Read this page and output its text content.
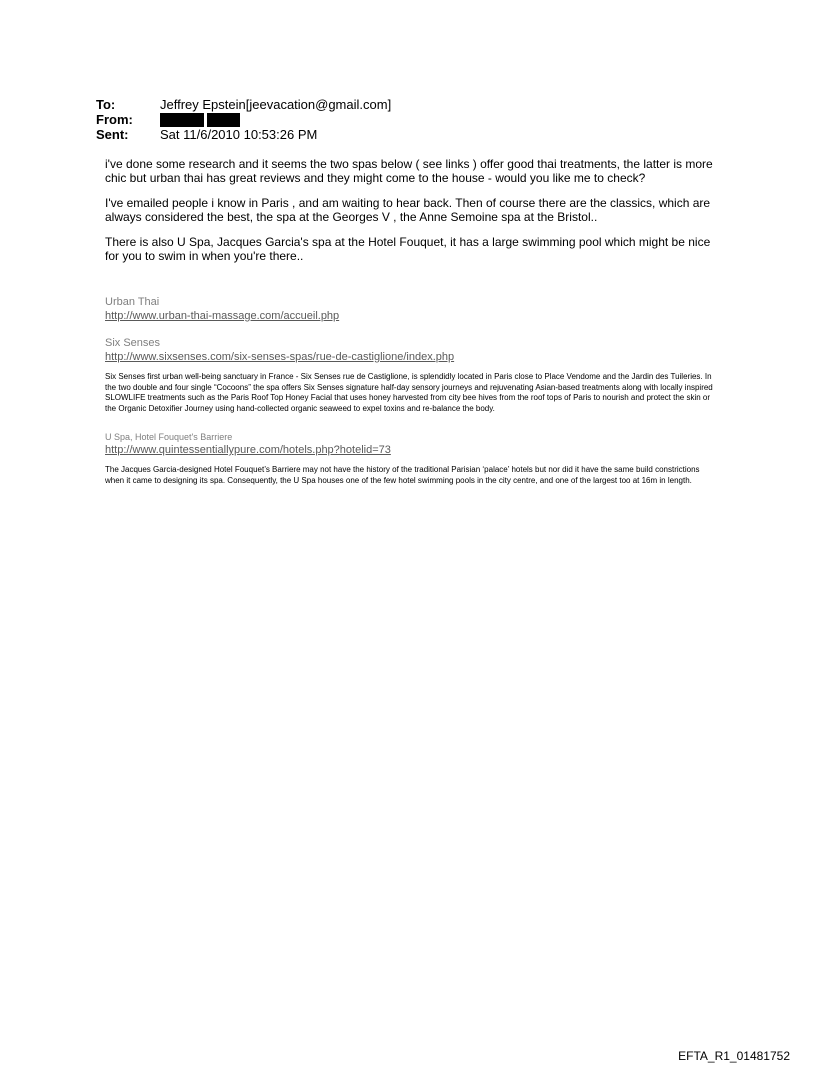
To:	Jeffrey Epstein[jeevacation@gmail.com]
From:
Sent:	Sat 11/6/2010 10:53:26 PM

i've done some research and it seems the two spas below ( see links ) offer good thai treatments, the latter is more chic but urban thai has great reviews and they might come to the house - would you like me to check?

I've emailed people i know in Paris , and am waiting to hear back. Then of course there are the classics, which are always considered the best, the spa at the Georges V , the Anne Semoine spa at the Bristol..

There is also U Spa, Jacques Garcia's spa at the Hotel Fouquet, it has a large swimming pool which might be nice for you to swim in when you're there..

Urban Thai
http://www.urban-thai-massage.com/accueil.php
Six Senses
http://www.sixsenses.com/six-senses-spas/rue-de-castiglione/index.php
Six Senses first urban well-being sanctuary in France - Six Senses rue de Castiglione, is splendidly located in Paris close to Place Vendome and the Jardin des Tuileries. In the two double and four single “Cocoons” the spa offers Six Senses signature half-day sensory journeys and rejuvenating Asian-based treatments along with locally inspired SLOWLIFE treatments such as the Paris Roof Top Honey Facial that uses honey harvested from city bee hives from the roof tops of Paris to nourish and protect the skin or the Organic Detoxifier Journey using hand-collected organic seaweed to expel toxins and re-balance the body.
U Spa, Hotel Fouquet's Barriere
http://www.quintessentiallypure.com/hotels.php?hotelid=73
The Jacques Garcia-designed Hotel Fouquet’s Barriere may not have the history of the traditional Parisian ‘palace’ hotels but nor did it have the same build constrictions when it came to designing its spa. Consequently, the U Spa houses one of the few hotel swimming pools in the city centre, and one of the largest too at 16m in length.
EFTA_R1_01481752
